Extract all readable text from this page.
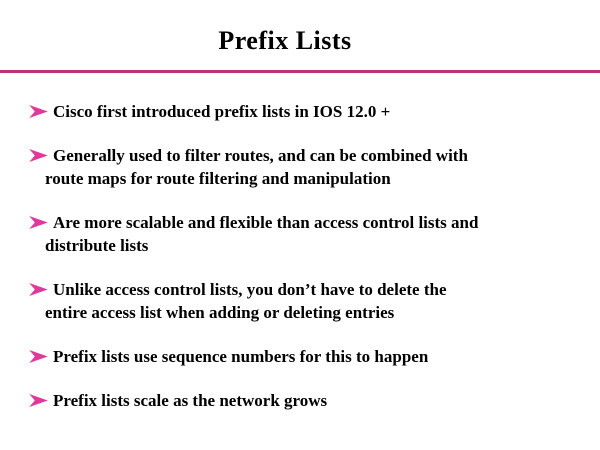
Prefix Lists
Cisco first introduced prefix lists in IOS 12.0 +
Generally used to filter routes, and can be combined with
route maps for route filtering and manipulation
Are more scalable and flexible than access control lists and
distribute lists
Unlike access control lists, you don’t have to delete the
entire access list when adding or deleting entries
Prefix lists use sequence numbers for this to happen
Prefix lists scale as the network grows
